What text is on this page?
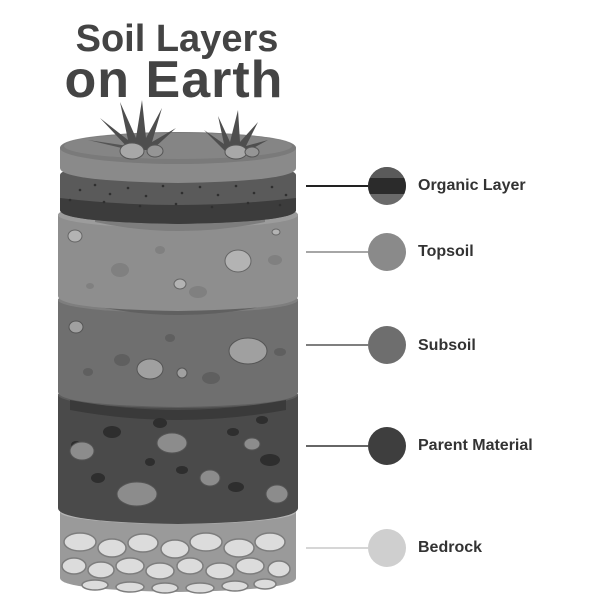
Soil Layers
on Earth
Organic Layer
Topsoil
Subsoil
Parent Material
Bedrock
